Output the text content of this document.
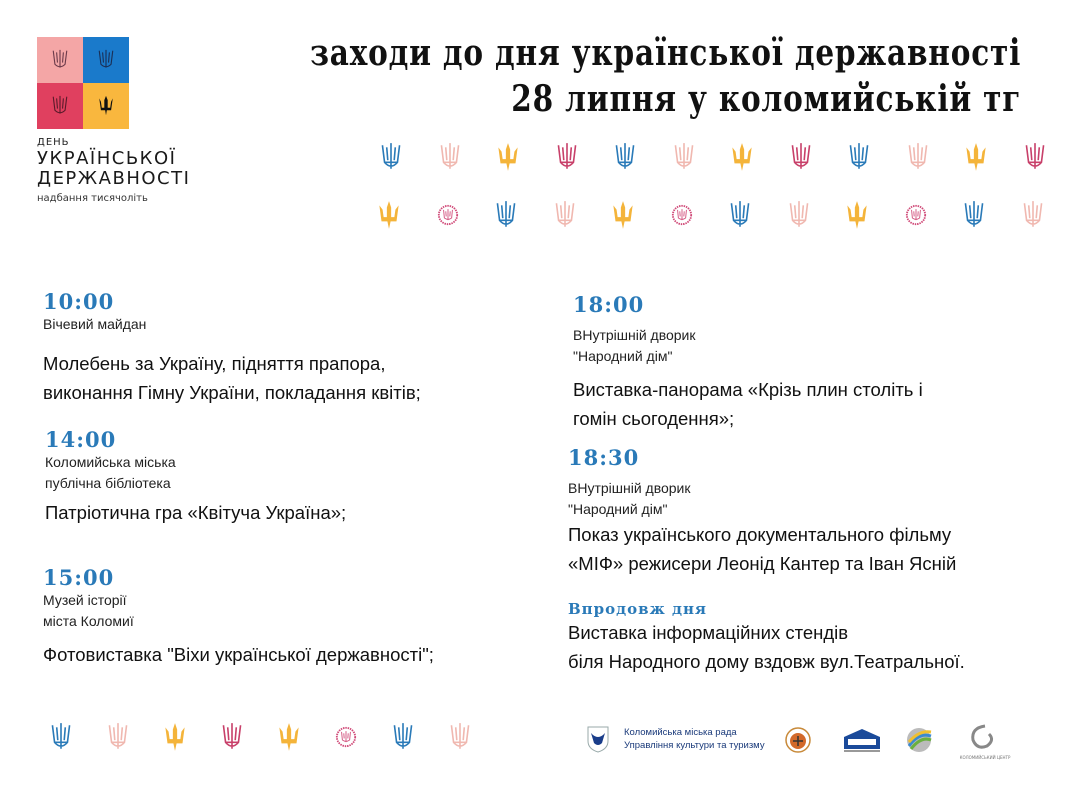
ДЕНЬ
УКРАЇНСЬКОЇ
ДЕРЖАВНОСТІ
надбання тисячоліть
заходи до дня української державності
28 липня у коломийській тг
10:00
Вічевий майдан
Молебень за Україну, підняття прапора,
виконання Гімну України, покладання квітів;
14:00
Коломийська міська
публічна бібліотека
Патріотична гра «Квітуча Україна»;
15:00
Музей історії
міста Коломиї
Фотовиставка "Віхи української державності";
18:00
ВНутрішній дворик
"Народний дім"
Виставка-панорама «Крізь плин століть і
гомін сьогодення»;
18:30
ВНутрішній дворик
"Народний дім"
Показ українського документального фільму
«МІФ» режисери Леонід Кантер та Іван Ясній
Впродовж дня
Виставка інформаційних стендів
біля Народного дому вздовж вул.Театральної.
Коломийська міська рада
Управління культури та туризму
КОЛОМИЙСЬКИЙ ЦЕНТР
